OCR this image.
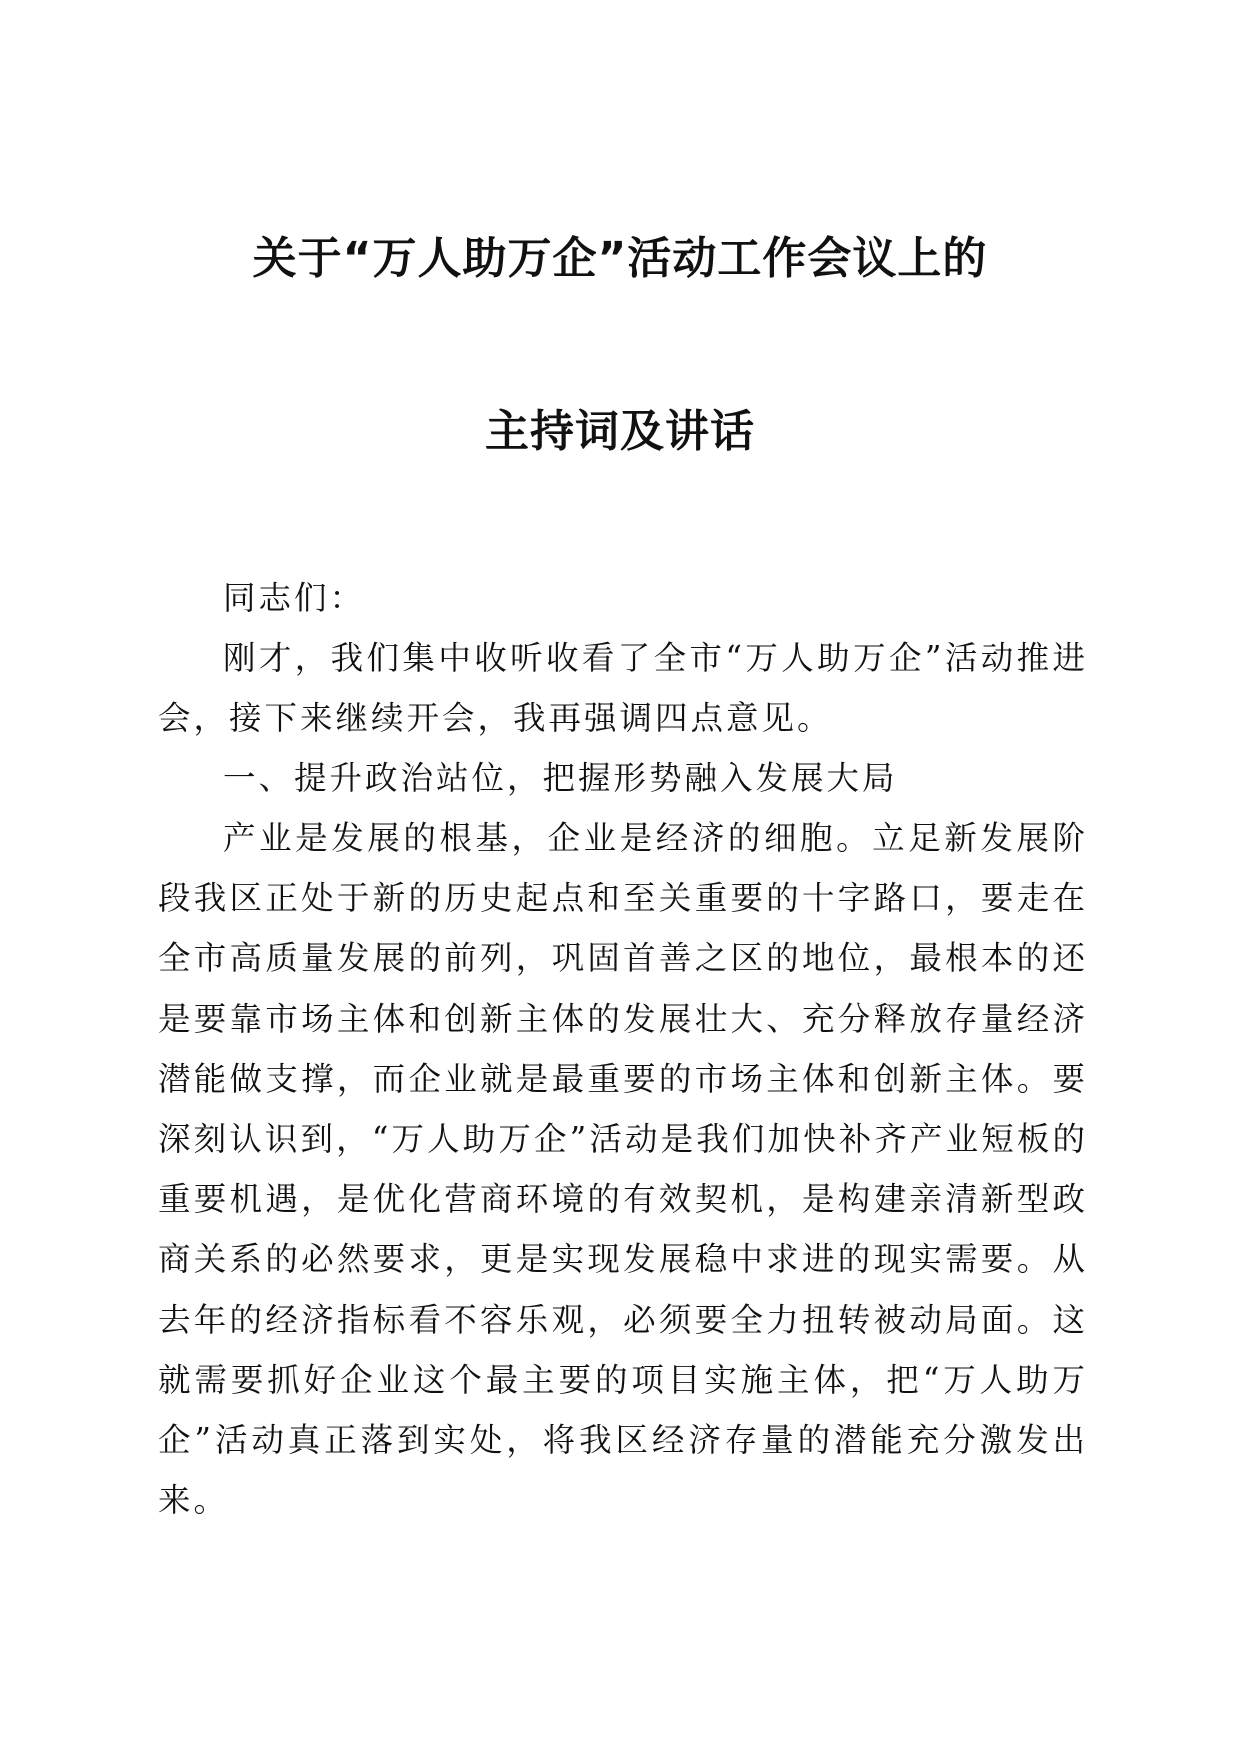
关于“万人助万企”活动工作会议上的
主持词及讲话

同志们：

刚才，我们集中收听收看了全市“万人助万企”活动推进会，接下来继续开会，我再强调四点意见。

一、提升政治站位，把握形势融入发展大局

产业是发展的根基，企业是经济的细胞。立足新发展阶段我区正处于新的历史起点和至关重要的十字路口，要走在全市高质量发展的前列，巩固首善之区的地位，最根本的还是要靠市场主体和创新主体的发展壮大、充分释放存量经济潜能做支撑，而企业就是最重要的市场主体和创新主体。要深刻认识到，“万人助万企”活动是我们加快补齐产业短板的重要机遇，是优化营商环境的有效契机，是构建亲清新型政商关系的必然要求，更是实现发展稳中求进的现实需要。从去年的经济指标看不容乐观，必须要全力扭转被动局面。这就需要抓好企业这个最主要的项目实施主体，把“万人助万企”活动真正落到实处，将我区经济存量的潜能充分激发出来。
